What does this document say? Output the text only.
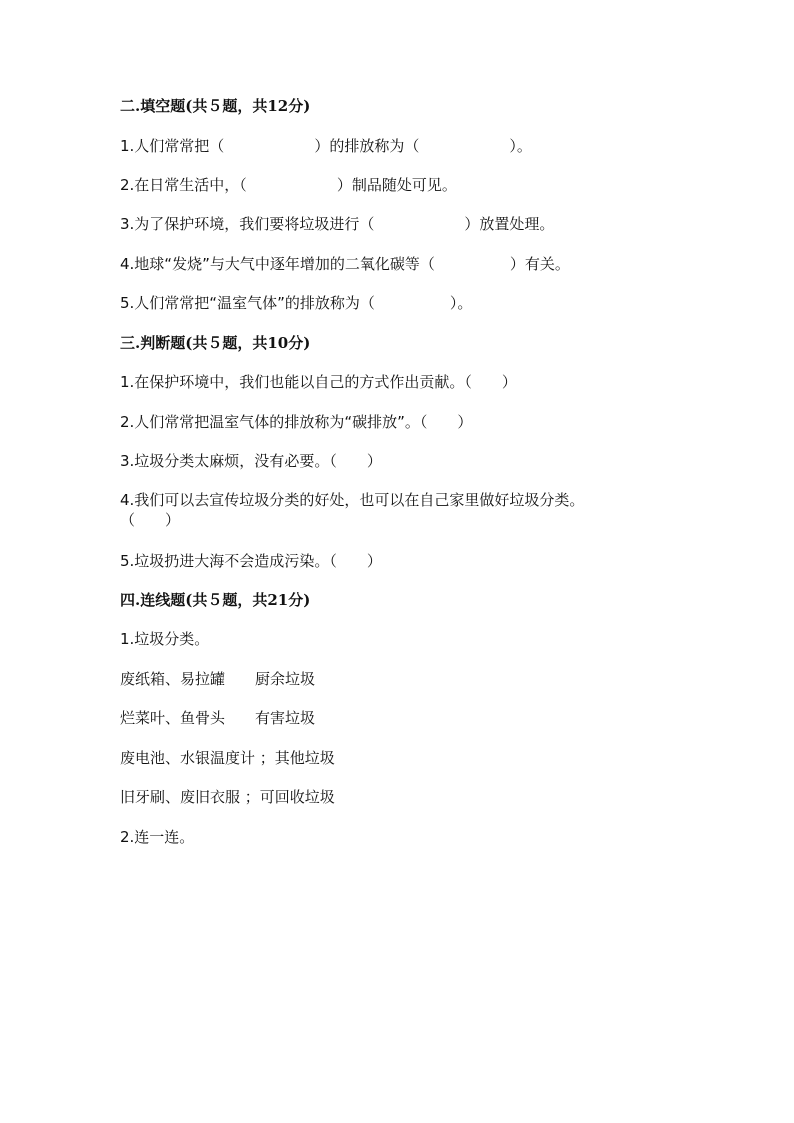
二.填空题(共５题，共12分)
1.人们常常把（　　　　　　）的排放称为（　　　　　　）。
2.在日常生活中，（　　　　　　）制品随处可见。
3.为了保护环境，我们要将垃圾进行（　　　　　　）放置处理。
4.地球“发烧”与大气中逐年增加的二氧化碳等（　　　　　）有关。
5.人们常常把“温室气体”的排放称为（　　　　　）。
三.判断题(共５题，共10分)
1.在保护环境中，我们也能以自己的方式作出贡献。（　　）
2.人们常常把温室气体的排放称为“碳排放”。（　　）
3.垃圾分类太麻烦，没有必要。（　　）
4.我们可以去宣传垃圾分类的好处，也可以在自己家里做好垃圾分类。
（　　）
5.垃圾扔进大海不会造成污染。（　　）
四.连线题(共５题，共21分)
1.垃圾分类。
废纸箱、易拉罐　　厨余垃圾
烂菜叶、鱼骨头　　有害垃圾
废电池、水银温度计 ；其他垃圾
旧牙刷、废旧衣服 ；可回收垃圾
2.连一连。
